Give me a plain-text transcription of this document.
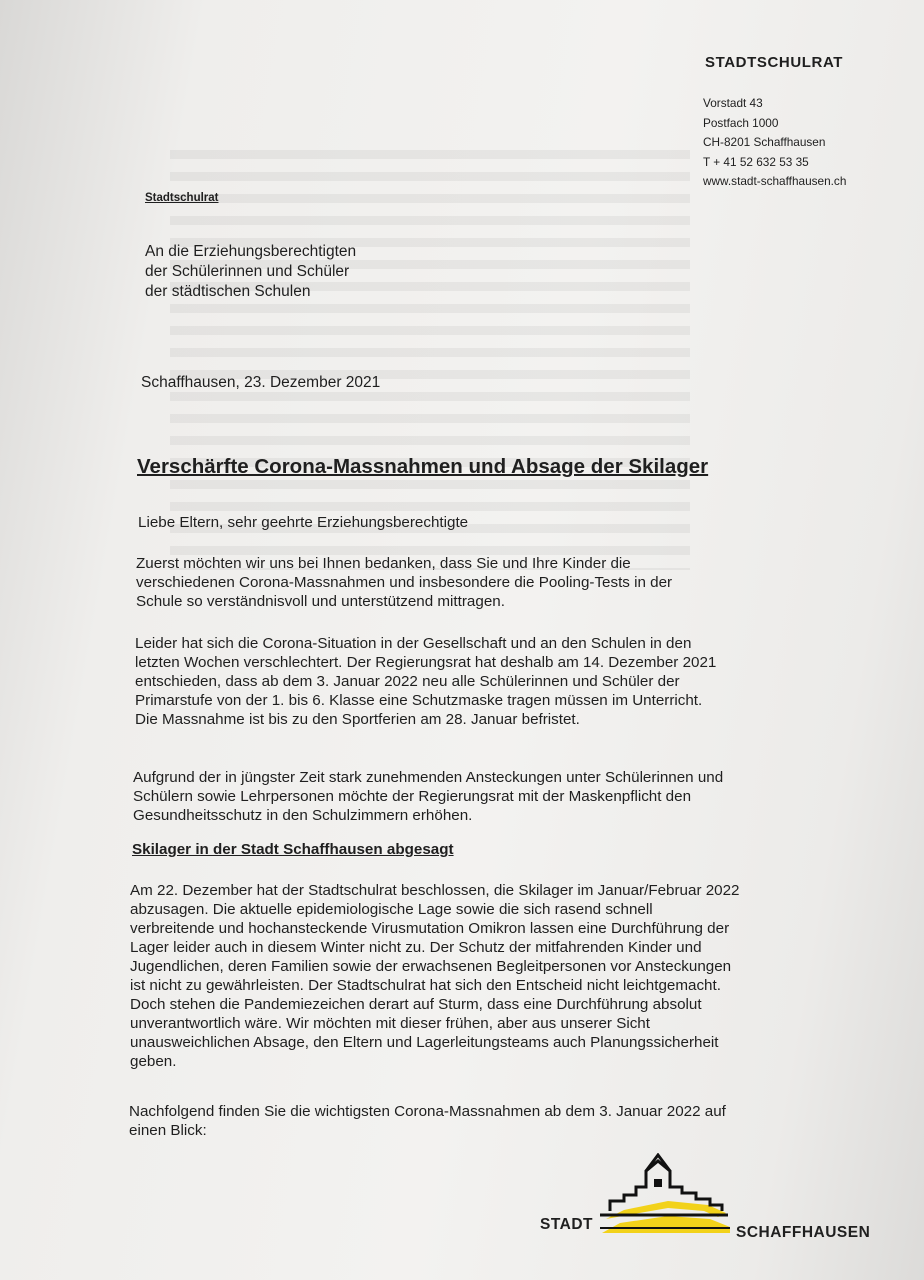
STADTSCHULRAT
Vorstadt 43
Postfach 1000
CH-8201 Schaffhausen
T + 41 52 632 53 35
www.stadt-schaffhausen.ch
Stadtschulrat
An die Erziehungsberechtigten
der Schülerinnen und Schüler
der städtischen Schulen
Schaffhausen, 23. Dezember 2021
Verschärfte Corona-Massnahmen und Absage der Skilager
Liebe Eltern, sehr geehrte Erziehungsberechtigte
Zuerst möchten wir uns bei Ihnen bedanken, dass Sie und Ihre Kinder die verschiedenen Corona-Massnahmen und insbesondere die Pooling-Tests in der Schule so verständnisvoll und unterstützend mittragen.
Leider hat sich die Corona-Situation in der Gesellschaft und an den Schulen in den letzten Wochen verschlechtert. Der Regierungsrat hat deshalb am 14. Dezember 2021 entschieden, dass ab dem 3. Januar 2022 neu alle Schülerinnen und Schüler der Primarstufe von der 1. bis 6. Klasse eine Schutzmaske tragen müssen im Unterricht. Die Massnahme ist bis zu den Sportferien am 28. Januar befristet.
Aufgrund der in jüngster Zeit stark zunehmenden Ansteckungen unter Schülerinnen und Schülern sowie Lehrpersonen möchte der Regierungsrat mit der Maskenpflicht den Gesundheitsschutz in den Schulzimmern erhöhen.
Skilager in der Stadt Schaffhausen abgesagt
Am 22. Dezember hat der Stadtschulrat beschlossen, die Skilager im Januar/Februar 2022 abzusagen. Die aktuelle epidemiologische Lage sowie die sich rasend schnell verbreitende und hochansteckende Virusmutation Omikron lassen eine Durchführung der Lager leider auch in diesem Winter nicht zu. Der Schutz der mitfahrenden Kinder und Jugendlichen, deren Familien sowie der erwachsenen Begleitpersonen vor Ansteckungen ist nicht zu gewährleisten. Der Stadtschulrat hat sich den Entscheid nicht leichtgemacht. Doch stehen die Pandemiezeichen derart auf Sturm, dass eine Durchführung absolut unverantwortlich wäre. Wir möchten mit dieser frühen, aber aus unserer Sicht unausweichlichen Absage, den Eltern und Lagerleitungsteams auch Planungssicherheit geben.
Nachfolgend finden Sie die wichtigsten Corona-Massnahmen ab dem 3. Januar 2022 auf einen Blick:
STADT	SCHAFFHAUSEN
